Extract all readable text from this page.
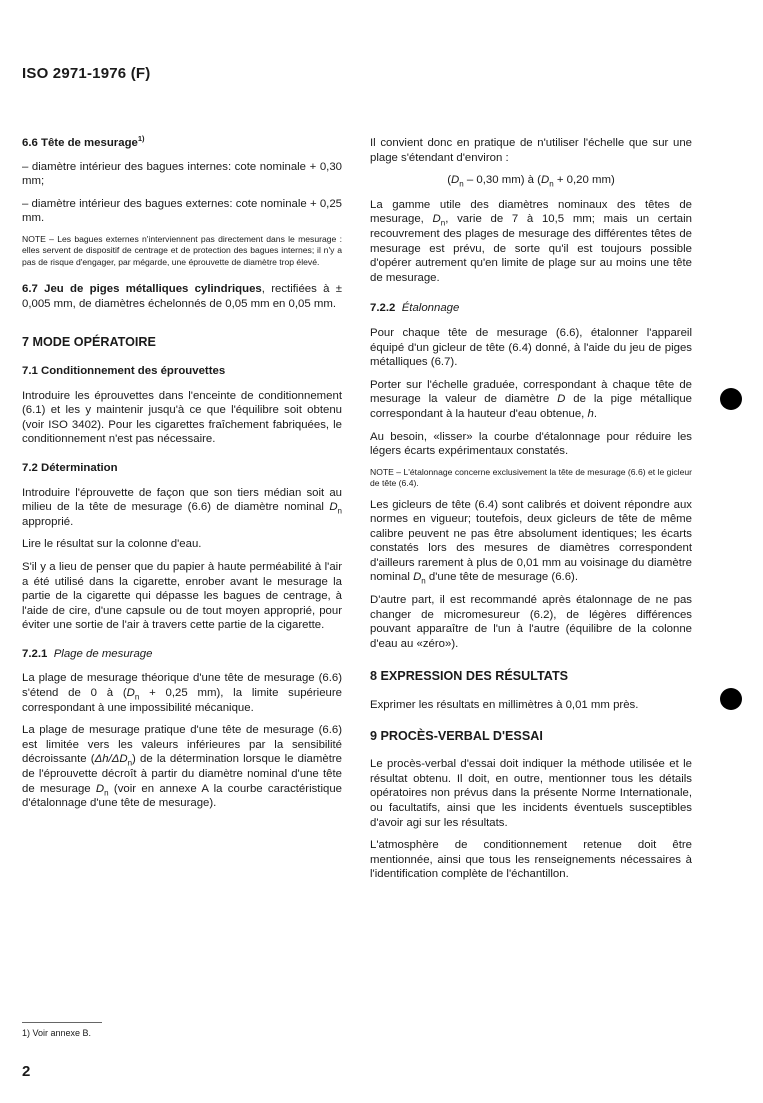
ISO 2971-1976 (F)
6.6 Tête de mesurage$^{1)}$

– diamètre intérieur des bagues internes: cote nominale + 0,30 mm;

– diamètre intérieur des bagues externes: cote nominale + 0,25 mm.

NOTE – Les bagues externes n'interviennent pas directement dans le mesurage : elles servent de dispositif de centrage et de protection des bagues internes; il n'y a pas de risque d'engager, par mégarde, une éprouvette de diamètre trop élevé.

6.7 Jeu de piges métalliques cylindriques, rectifiées à ± 0,005 mm, de diamètres échelonnés de 0,05 mm en 0,05 mm.

7 MODE OPÉRATOIRE
7.1 Conditionnement des éprouvettes

Introduire les éprouvettes dans l'enceinte de conditionnement (6.1) et les y maintenir jusqu'à ce que l'équilibre soit obtenu (voir ISO 3402). Pour les cigarettes fraîchement fabriquées, le conditionnement n'est pas nécessaire.

7.2 Détermination

Introduire l'éprouvette de façon que son tiers médian soit au milieu de la tête de mesurage (6.6) de diamètre nominal $D_n$ approprié.

Lire le résultat sur la colonne d'eau.

S'il y a lieu de penser que du papier à haute perméabilité à l'air a été utilisé dans la cigarette, enrober avant le mesurage la partie de la cigarette qui dépasse les bagues de centrage, à l'aide de cire, d'une capsule ou de tout moyen approprié, pour éviter une sortie de l'air à travers cette partie de la cigarette.

7.2.1 Plage de mesurage

La plage de mesurage théorique d'une tête de mesurage (6.6) s'étend de 0 à ($D_n + 0,25$ mm), la limite supérieure correspondant à une impossibilité mécanique.

La plage de mesurage pratique d'une tête de mesurage (6.6) est limitée vers les valeurs inférieures par la sensibilité décroissante $(\Delta h/\Delta D_n)$ de la détermination lorsque le diamètre de l'éprouvette décroît à partir du diamètre nominal d'une tête de mesurage $D_n$ (voir en annexe A la courbe caractéristique d'étalonnage d'une tête de mesurage).

Il convient donc en pratique de n'utiliser l'échelle que sur une plage s'étendant d'environ :

($D_n - 0,30$ mm) à ($D_n + 0,20$ mm)

La gamme utile des diamètres nominaux des têtes de mesurage, $D_n$, varie de 7 à 10,5 mm; mais un certain recouvrement des plages de mesurage des différentes têtes de mesurage est prévu, de sorte qu'il est toujours possible d'opérer autrement qu'en limite de plage sur au moins une tête de mesurage.

7.2.2 Étalonnage

Pour chaque tête de mesurage (6.6), étalonner l'appareil équipé d'un gicleur de tête (6.4) donné, à l'aide du jeu de piges métalliques (6.7).

Porter sur l'échelle graduée, correspondant à chaque tête de mesurage la valeur de diamètre D de la pige métallique correspondant à la hauteur d'eau obtenue, h.

Au besoin, «lisser» la courbe d'étalonnage pour réduire les légers écarts expérimentaux constatés.

NOTE – L'étalonnage concerne exclusivement la tête de mesurage (6.6) et le gicleur de tête (6.4).

Les gicleurs de tête (6.4) sont calibrés et doivent répondre aux normes en vigueur; toutefois, deux gicleurs de tête de même calibre peuvent ne pas être absolument identiques; les écarts constatés lors des mesures de diamètres correspondent d'ailleurs rarement à plus de 0,01 mm au voisinage du diamètre nominal $D_n$ d'une tête de mesurage (6.6).

D'autre part, il est recommandé après étalonnage de ne pas changer de micromesureur (6.2), de légères différences pouvant apparaître de l'un à l'autre (équilibre de la colonne d'eau au «zéro»).

8 EXPRESSION DES RÉSULTATS

Exprimer les résultats en millimètres à 0,01 mm près.

9 PROCÈS-VERBAL D'ESSAI

Le procès-verbal d'essai doit indiquer la méthode utilisée et le résultat obtenu. Il doit, en outre, mentionner tous les détails opératoires non prévus dans la présente Norme Internationale, ou facultatifs, ainsi que les incidents éventuels susceptibles d'avoir agi sur les résultats.

L'atmosphère de conditionnement retenue doit être mentionnée, ainsi que tous les renseignements nécessaires à l'identification complète de l'échantillon.

1) Voir annexe B.
2
